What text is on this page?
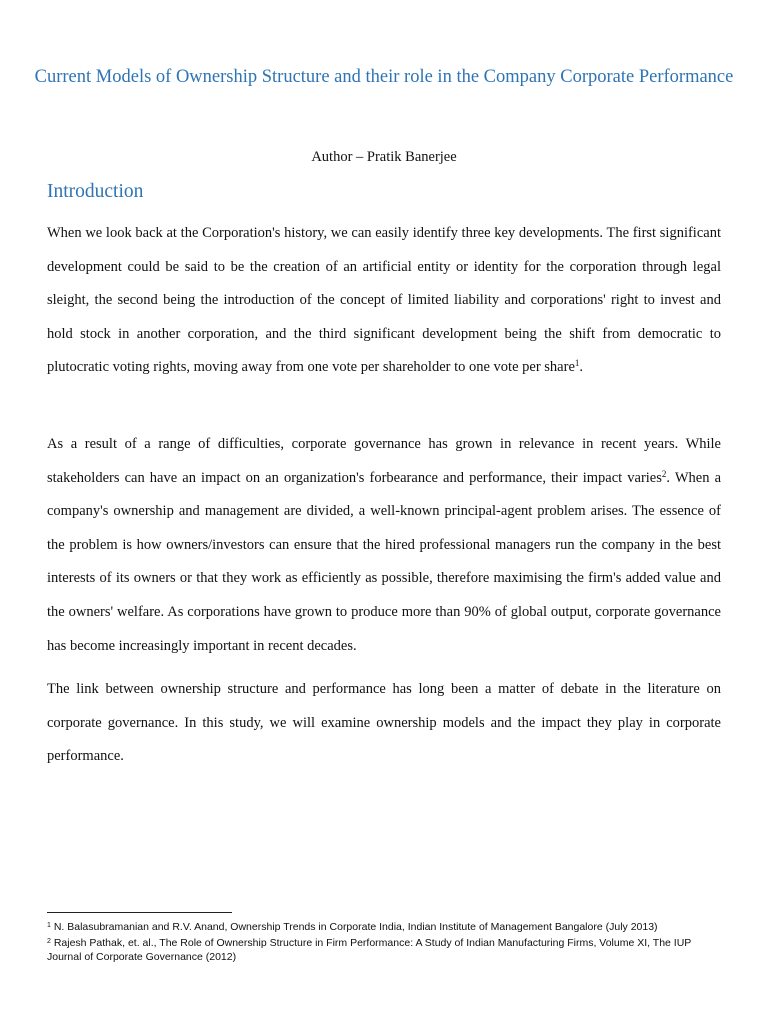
Current Models of Ownership Structure and their role in the Company Corporate Performance

Author – Pratik Banerjee

Introduction

When we look back at the Corporation's history, we can easily identify three key developments. The first significant development could be said to be the creation of an artificial entity or identity for the corporation through legal sleight, the second being the introduction of the concept of limited liability and corporations' right to invest and hold stock in another corporation, and the third significant development being the shift from democratic to plutocratic voting rights, moving away from one vote per shareholder to one vote per share$^1$.

As a result of a range of difficulties, corporate governance has grown in relevance in recent years. While stakeholders can have an impact on an organization's forbearance and performance, their impact varies$^2$. When a company's ownership and management are divided, a well-known principal-agent problem arises. The essence of the problem is how owners/investors can ensure that the hired professional managers run the company in the best interests of its owners or that they work as efficiently as possible, therefore maximising the firm's added value and the owners' welfare. As corporations have grown to produce more than 90% of global output, corporate governance has become increasingly important in recent decades.

The link between ownership structure and performance has long been a matter of debate in the literature on corporate governance. In this study, we will examine ownership models and the impact they play in corporate performance.

$^1$ N. Balasubramanian and R.V. Anand, Ownership Trends in Corporate India, Indian Institute of Management Bangalore (July 2013)

$^2$ Rajesh Pathak, et. al., The Role of Ownership Structure in Firm Performance: A Study of Indian Manufacturing Firms, Volume XI, The IUP Journal of Corporate Governance (2012)
